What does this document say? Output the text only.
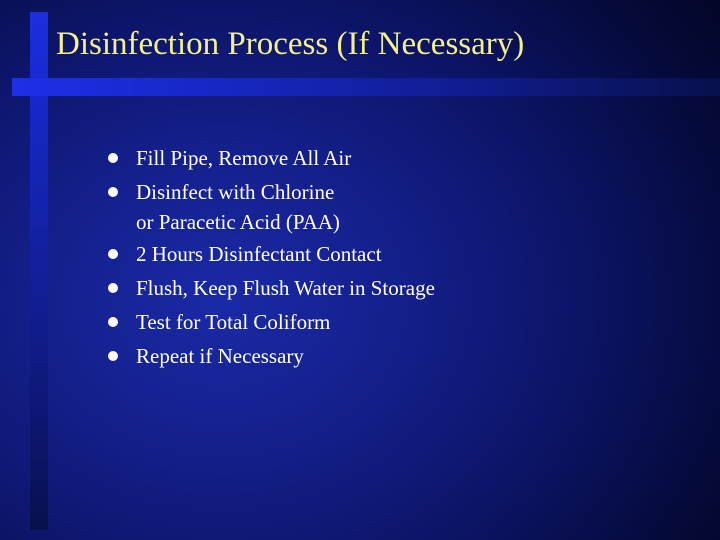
Disinfection Process (If Necessary)
Fill Pipe, Remove All Air
Disinfect with Chlorine
or Paracetic Acid (PAA)
2 Hours Disinfectant Contact
Flush, Keep Flush Water in Storage
Test for Total Coliform
Repeat if Necessary
